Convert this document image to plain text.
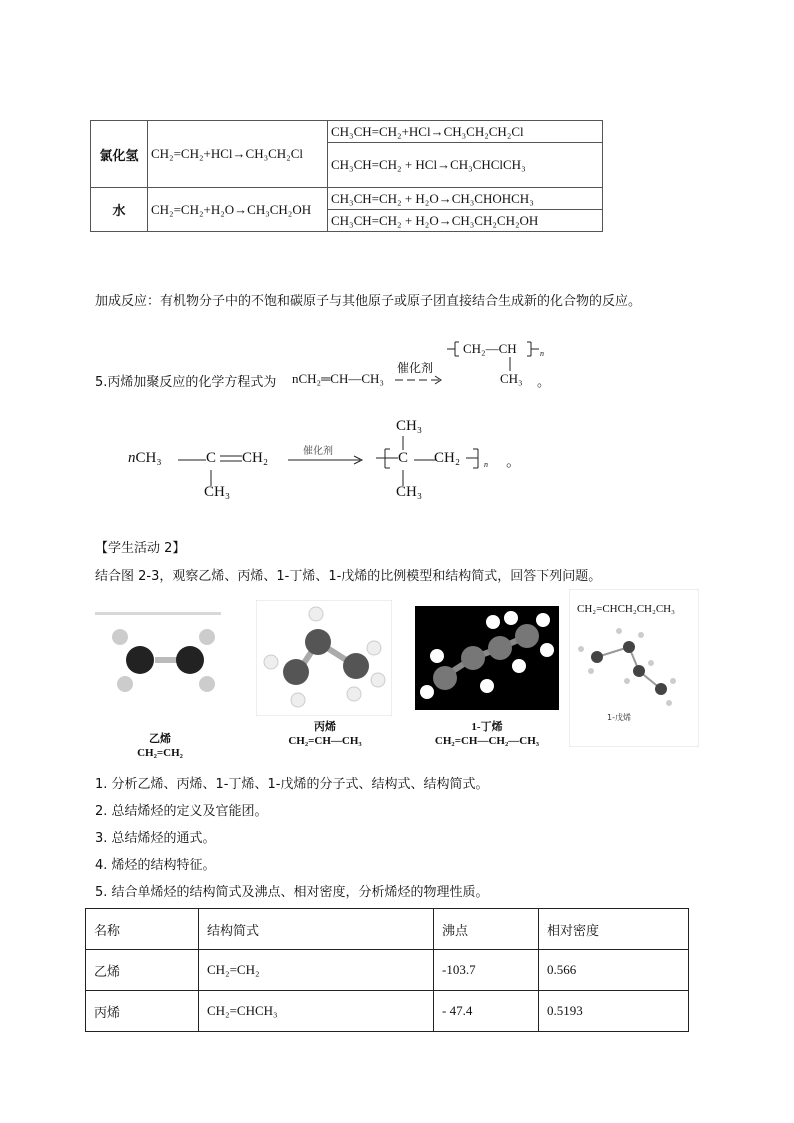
氯化氢	CH₂=CH₂+HCl→CH₃CH₂Cl	CH₃CH=CH₂+HCl→CH₃CH₂CH₂Cl
		CH₃CH=CH₂ + HCl→CH₃CHClCH₃
水	CH₂=CH₂+H₂O→CH₃CH₂OH	CH₃CH=CH₂ + H₂O→CH₃CHOHCH₃
		CH₃CH=CH₂ + H₂O→CH₃CH₂CH₂OH
加成反应：有机物分子中的不饱和碳原子与其他原子或原子团直接结合生成新的化合物的反应。
5.丙烯加聚反应的化学方程式为 nCH₂═CH—CH₃
催化剂
CH₂—CH	n
CH₃ 。
nCH₃	C CH₂
CH₃
催化剂	C CH₂	n
CH₃
CH₃
。
【学生活动 2】
结合图 2-3，观察乙烯、丙烯、1-丁烯、1-戊烯的比例模型和结构简式，回答下列问题。
乙烯
CH₂=CH₂
丙烯
CH₂=CH—CH₃
1-丁烯
CH₂=CH—CH₂—CH₃
CH₂=CHCH₂CH₂CH₃
1-戊烯
1. 分析乙烯、丙烯、1-丁烯、1-戊烯的分子式、结构式、结构简式。
2. 总结烯烃的定义及官能团。
3. 总结烯烃的通式。
4. 烯烃的结构特征。
5. 结合单烯烃的结构简式及沸点、相对密度，分析烯烃的物理性质。
名称	结构简式	沸点	相对密度
乙烯	CH₂=CH₂	-103.7	0.566
丙烯	CH₂=CHCH₃	- 47.4	0.5193
